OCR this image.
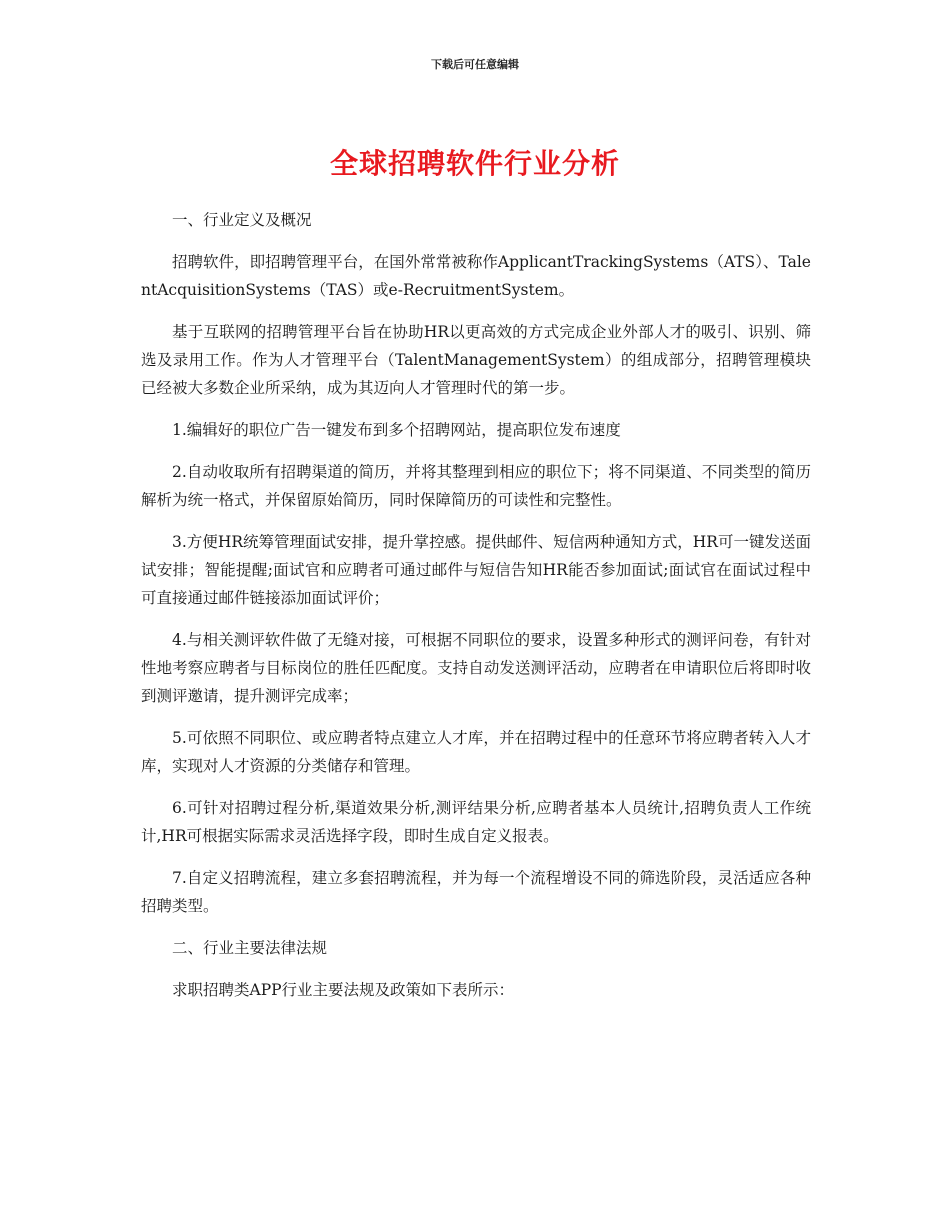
下载后可任意编辑
全球招聘软件行业分析

一、行业定义及概况

招聘软件，即招聘管理平台，在国外常常被称作ApplicantTrackingSystems（ATS）、TalentAcquisitionSystems（TAS）或e-RecruitmentSystem。

基于互联网的招聘管理平台旨在协助HR以更高效的方式完成企业外部人才的吸引、识别、筛选及录用工作。作为人才管理平台（TalentManagementSystem）的组成部分，招聘管理模块已经被大多数企业所采纳，成为其迈向人才管理时代的第一步。

1.编辑好的职位广告一键发布到多个招聘网站，提高职位发布速度

2.自动收取所有招聘渠道的简历，并将其整理到相应的职位下；将不同渠道、不同类型的简历解析为统一格式，并保留原始简历，同时保障简历的可读性和完整性。

3.方便HR统筹管理面试安排，提升掌控感。提供邮件、短信两种通知方式，HR可一键发送面试安排；智能提醒;面试官和应聘者可通过邮件与短信告知HR能否参加面试;面试官在面试过程中可直接通过邮件链接添加面试评价；

4.与相关测评软件做了无缝对接，可根据不同职位的要求，设置多种形式的测评问卷，有针对性地考察应聘者与目标岗位的胜任匹配度。支持自动发送测评活动，应聘者在申请职位后将即时收到测评邀请，提升测评完成率；

5.可依照不同职位、或应聘者特点建立人才库，并在招聘过程中的任意环节将应聘者转入人才库，实现对人才资源的分类储存和管理。

6.可针对招聘过程分析,渠道效果分析,测评结果分析,应聘者基本人员统计,招聘负责人工作统计,HR可根据实际需求灵活选择字段，即时生成自定义报表。

7.自定义招聘流程，建立多套招聘流程，并为每一个流程增设不同的筛选阶段，灵活适应各种招聘类型。

二、行业主要法律法规

求职招聘类APP行业主要法规及政策如下表所示：
